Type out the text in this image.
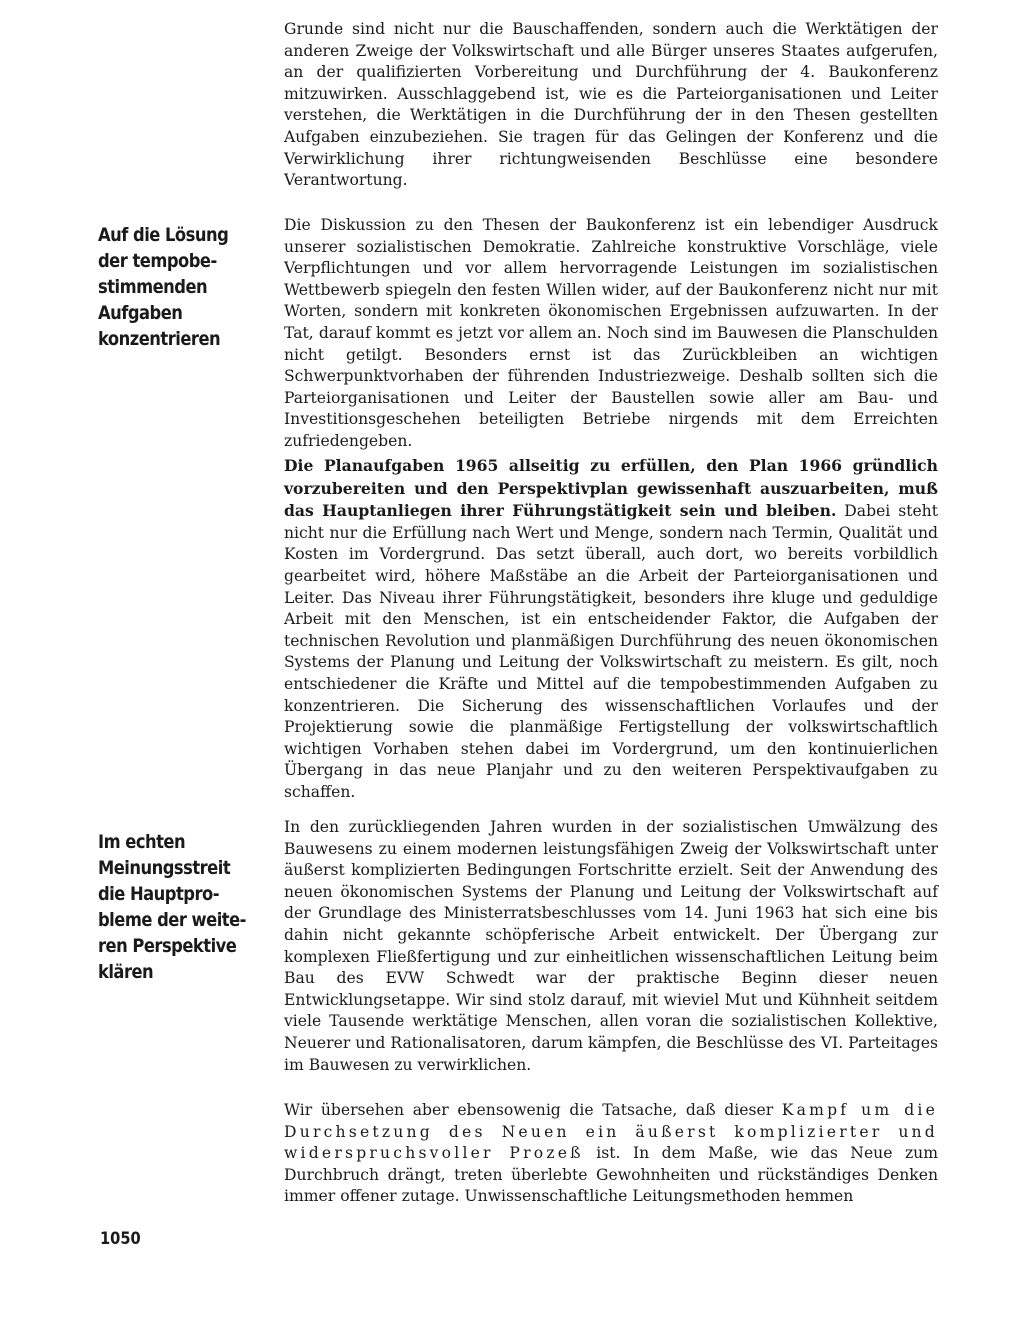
Grunde sind nicht nur die Bauschaffenden, sondern auch die Werktätigen der anderen Zweige der Volkswirtschaft und alle Bürger unseres Staates aufgerufen, an der qualifizierten Vorbereitung und Durchführung der 4. Baukonferenz mitzuwirken. Ausschlaggebend ist, wie es die Parteiorganisationen und Leiter verstehen, die Werktätigen in die Durchführung der in den Thesen gestellten Aufgaben einzubeziehen. Sie tragen für das Gelingen der Konferenz und die Verwirklichung ihrer richtungweisenden Beschlüsse eine besondere Verantwortung.

Auf die Lösung
der tempobe-
stimmenden
Aufgaben
konzentrieren

Die Diskussion zu den Thesen der Baukonferenz ist ein lebendiger Ausdruck unserer sozialistischen Demokratie. Zahlreiche konstruktive Vorschläge, viele Verpflichtungen und vor allem hervorragende Leistungen im sozialistischen Wettbewerb spiegeln den festen Willen wider, auf der Baukonferenz nicht nur mit Worten, sondern mit konkreten ökonomischen Ergebnissen aufzuwarten. In der Tat, darauf kommt es jetzt vor allem an. Noch sind im Bauwesen die Planschulden nicht getilgt. Besonders ernst ist das Zurückbleiben an wichtigen Schwerpunktvorhaben der führenden Industriezweige. Deshalb sollten sich die Parteiorganisationen und Leiter der Baustellen sowie aller am Bau- und Investitionsgeschehen beteiligten Betriebe nirgends mit dem Erreichten zufriedengeben.

Die Planaufgaben 1965 allseitig zu erfüllen, den Plan 1966 gründlich vorzubereiten und den Perspektivplan gewissenhaft auszuarbeiten, muß das Hauptanliegen ihrer Führungstätigkeit sein und bleiben. Dabei steht nicht nur die Erfüllung nach Wert und Menge, sondern nach Termin, Qualität und Kosten im Vordergrund. Das setzt überall, auch dort, wo bereits vorbildlich gearbeitet wird, höhere Maßstäbe an die Arbeit der Parteiorganisationen und Leiter. Das Niveau ihrer Führungstätigkeit, besonders ihre kluge und geduldige Arbeit mit den Menschen, ist ein entscheidender Faktor, die Aufgaben der technischen Revolution und planmäßigen Durchführung des neuen ökonomischen Systems der Planung und Leitung der Volkswirtschaft zu meistern. Es gilt, noch entschiedener die Kräfte und Mittel auf die tempobestimmenden Aufgaben zu konzentrieren. Die Sicherung des wissenschaftlichen Vorlaufes und der Projektierung sowie die planmäßige Fertigstellung der volkswirtschaftlich wichtigen Vorhaben stehen dabei im Vordergrund, um den kontinuierlichen Übergang in das neue Planjahr und zu den weiteren Perspektivaufgaben zu schaffen.

Im echten
Meinungsstreit
die Hauptpro-
bleme der weite-
ren Perspektive
klären

In den zurückliegenden Jahren wurden in der sozialistischen Umwälzung des Bauwesens zu einem modernen leistungsfähigen Zweig der Volkswirtschaft unter äußerst komplizierten Bedingungen Fortschritte erzielt. Seit der Anwendung des neuen ökonomischen Systems der Planung und Leitung der Volkswirtschaft auf der Grundlage des Ministerratsbeschlusses vom 14. Juni 1963 hat sich eine bis dahin nicht gekannte schöpferische Arbeit entwickelt. Der Übergang zur komplexen Fließfertigung und zur einheitlichen wissenschaftlichen Leitung beim Bau des EVW Schwedt war der praktische Beginn dieser neuen Entwicklungsetappe. Wir sind stolz darauf, mit wieviel Mut und Kühnheit seitdem viele Tausende werktätige Menschen, allen voran die sozialistischen Kollektive, Neuerer und Rationalisatoren, darum kämpfen, die Beschlüsse des VI. Parteitages im Bauwesen zu verwirklichen.

Wir übersehen aber ebensowenig die Tatsache, daß dieser Kampf um die Durchsetzung des Neuen ein äußerst komplizierter und widerspruchsvoller Prozeß ist. In dem Maße, wie das Neue zum Durchbruch drängt, treten überlebte Gewohnheiten und rückständiges Denken immer offener zutage. Unwissenschaftliche Leitungsmethoden hemmen

1050
